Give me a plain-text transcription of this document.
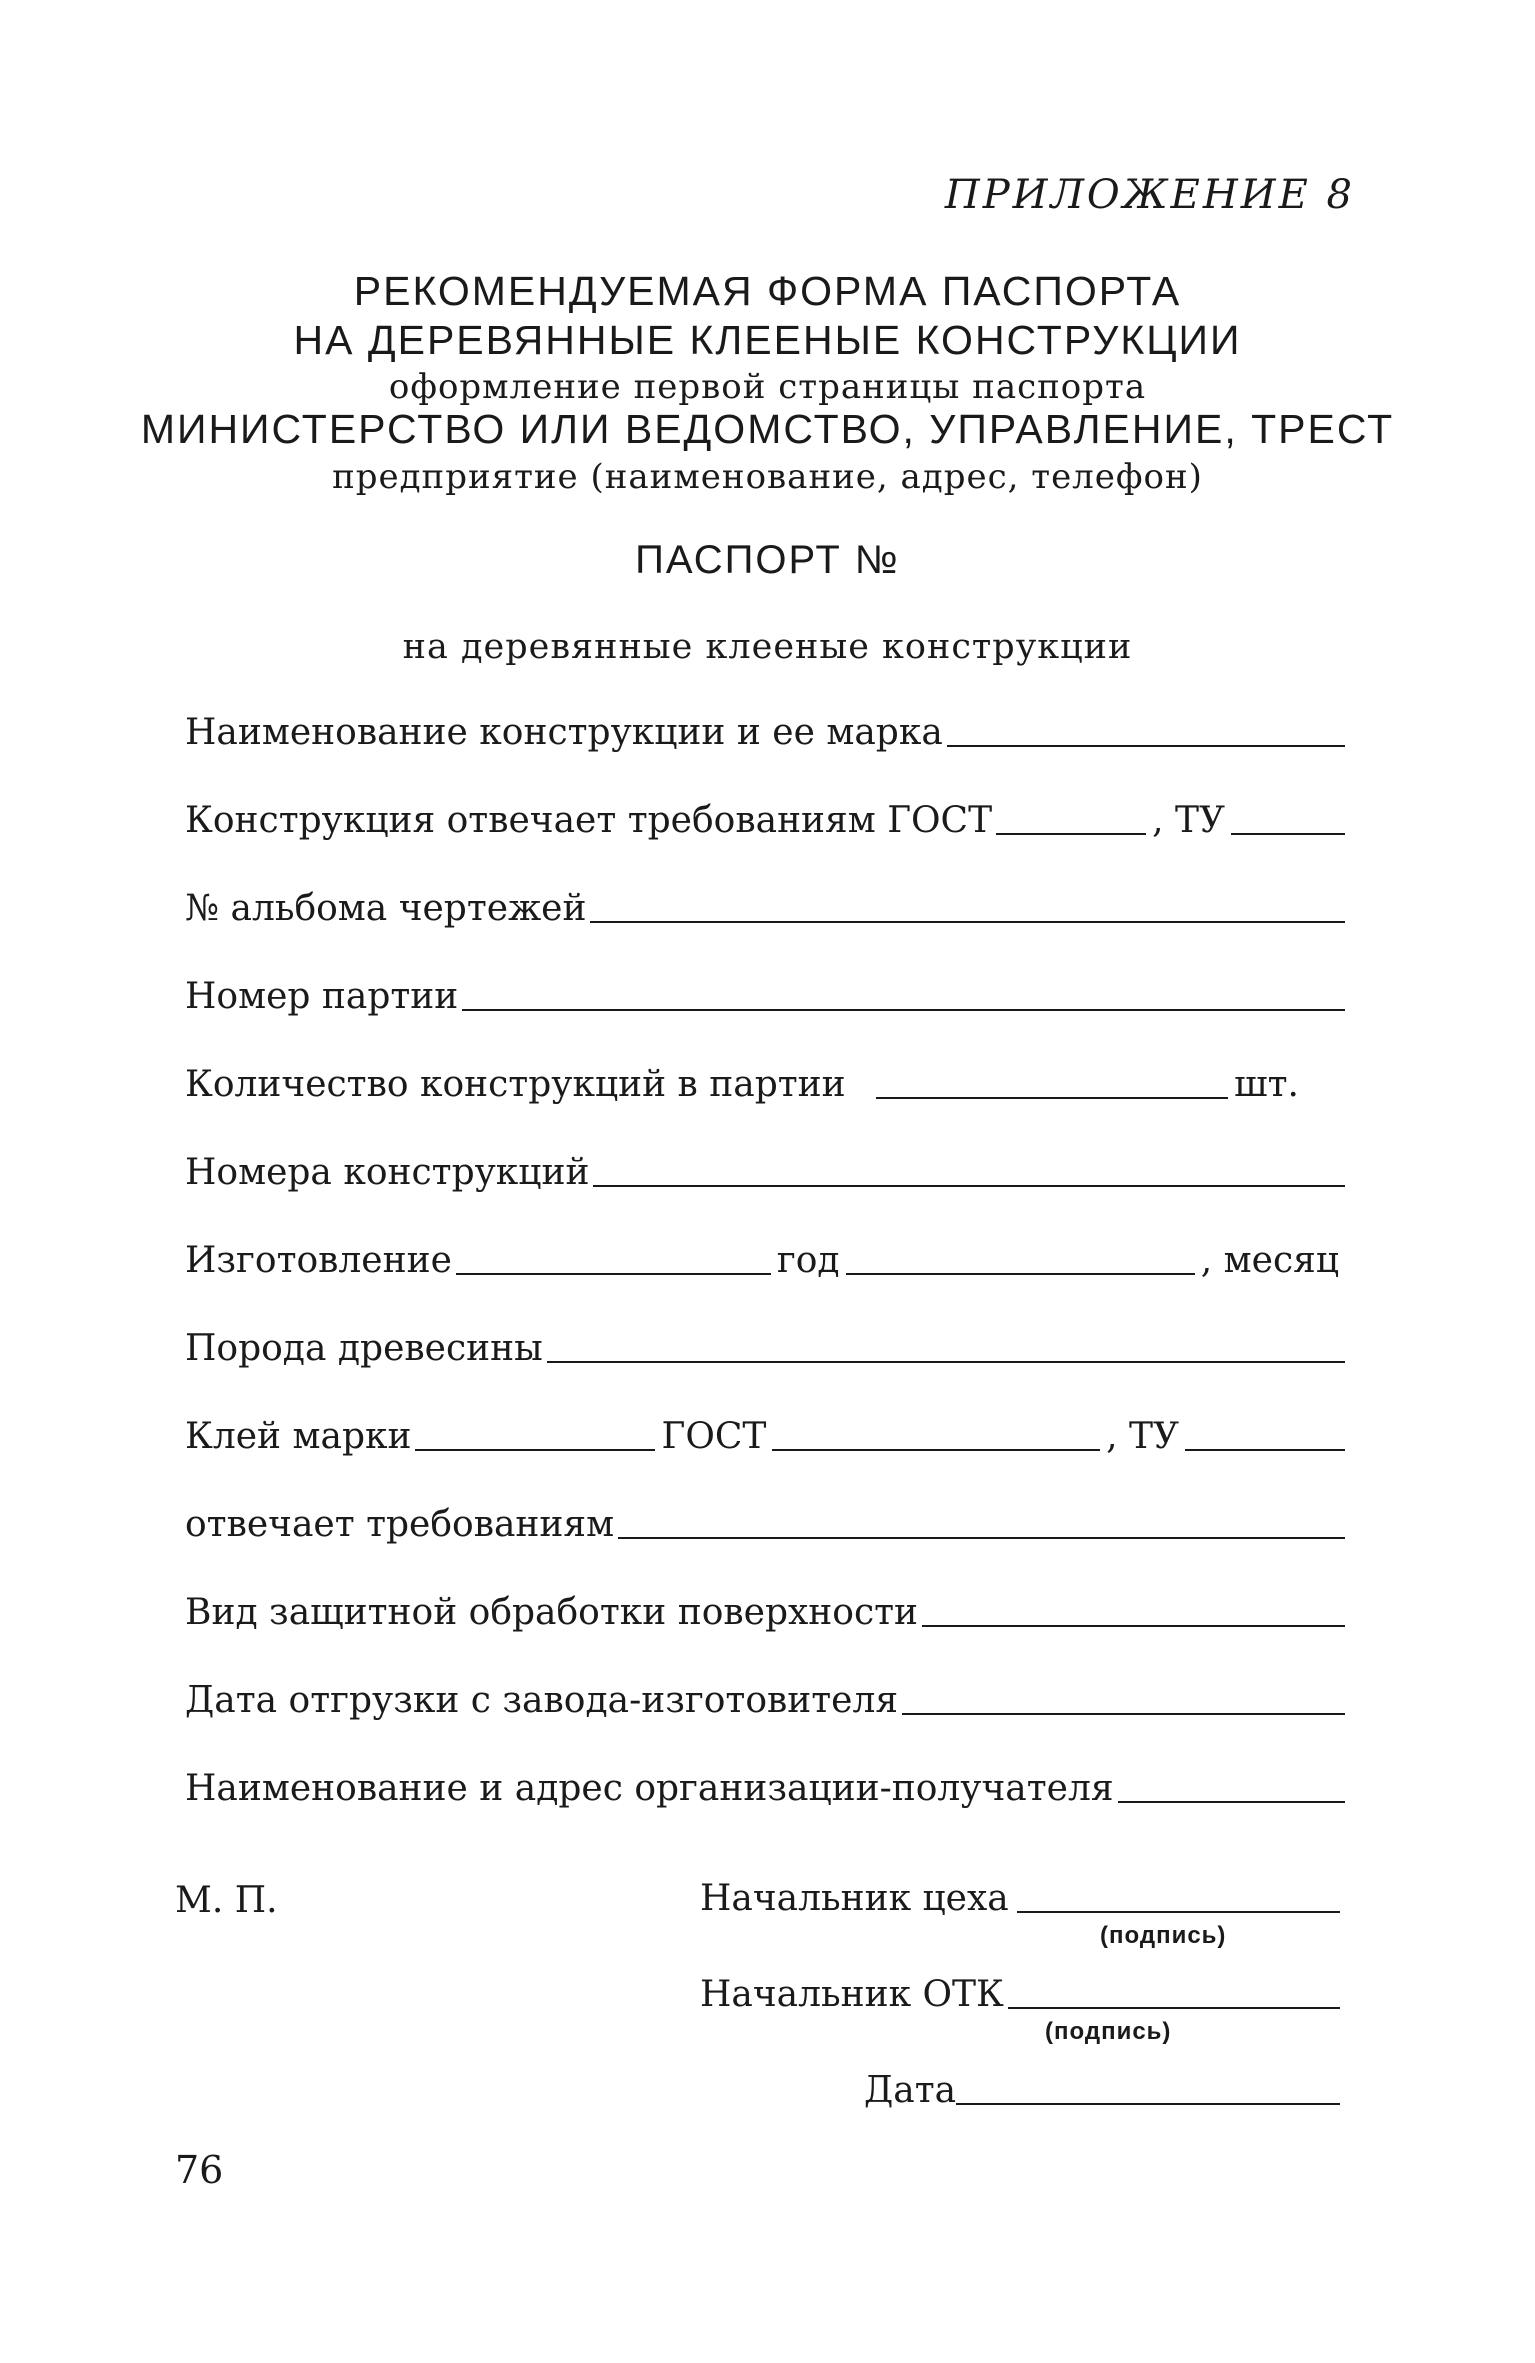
ПРИЛОЖЕНИЕ 8
РЕКОМЕНДУЕМАЯ ФОРМА ПАСПОРТА
НА ДЕРЕВЯННЫЕ КЛЕЕНЫЕ КОНСТРУКЦИИ
оформление первой страницы паспорта
МИНИСТЕРСТВО ИЛИ ВЕДОМСТВО, УПРАВЛЕНИЕ, ТРЕСТ
предприятие (наименование, адрес, телефон)
ПАСПОРТ №
на деревянные клееные конструкции
Наименование конструкции и ее марка
Конструкция отвечает требованиям ГОСТ	, ТУ
№ альбома чертежей
Номер партии
Количество конструкций в партии	шт.
Номера конструкций
Изготовление	год	, месяц
Порода древесины
Клей марки	ГОСТ	, ТУ
отвечает требованиям
Вид защитной обработки поверхности
Дата отгрузки с завода-изготовителя
Наименование и адрес организации-получателя
М. П.	Начальник цеха
(подпись)
Начальник ОТК
(подпись)
Дата
76
